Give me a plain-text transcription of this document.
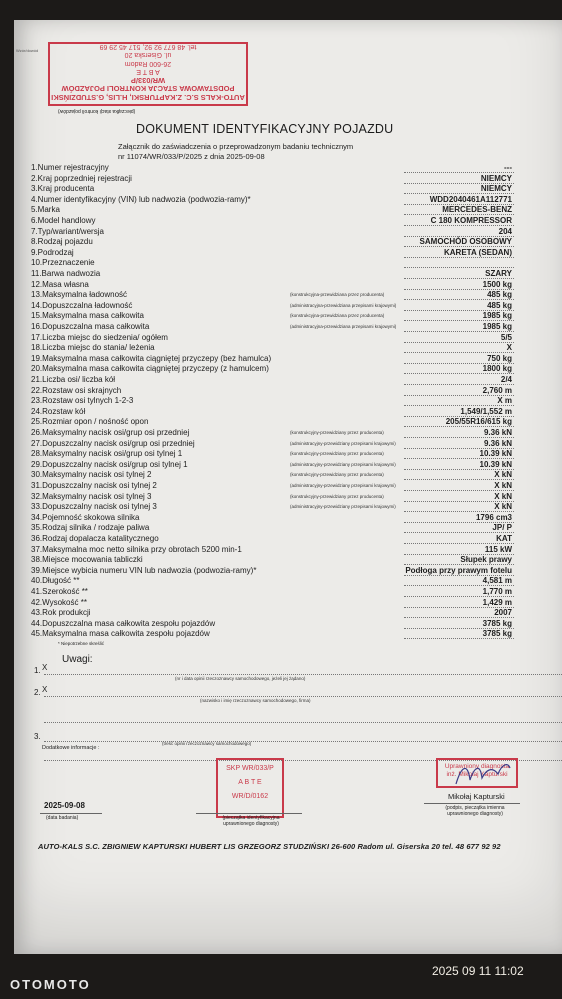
AUTO-KALS S.C. Z.KAPTURSKI, H.LIS, G.STUDZIŃSKI
PODSTAWOWA STACJA KONTROLI POJAZDÓW
WR/033/P
A B T E
26-600 Radom
ul. Giserska 20
tel. 48 677 92 92, 517 45 29 69
(pieczątka stacji kontroli pojazdów)
Wzór/dowód
DOKUMENT IDENTYFIKACYJNY POJAZDU
Załącznik do zaświadczenia o przeprowadzonym badaniu technicznym
nr 11074/WR/033/P/2025 z dnia 2025-09-08
1.Numer rejestracyjny	---
2.Kraj poprzedniej rejestracji	NIEMCY
3.Kraj producenta	NIEMCY
4.Numer identyfikacyjny (VIN) lub nadwozia (podwozia-ramy)*	WDD2040461A112771
5.Marka	MERCEDES-BENZ
6.Model handlowy	C 180 KOMPRESSOR
7.Typ/wariant/wersja	204
8.Rodzaj pojazdu	SAMOCHÓD OSOBOWY
9.Podrodzaj	KARETA (SEDAN)
10.Przeznaczenie
11.Barwa nadwozia	SZARY
12.Masa własna	1500 kg
13.Maksymalna ładowność	485 kg
(konstrukcyjna-przewidziana przez producenta)
14.Dopuszczalna ładowność	485 kg
(administracyjna-przewidziana przepisami krajowymi)
15.Maksymalna masa całkowita	1985 kg
(konstrukcyjna-przewidziana przez producenta)
16.Dopuszczalna masa całkowita	1985 kg
(administracyjna-przewidziana przepisami krajowymi)
17.Liczba miejsc do siedzenia/ ogółem	5/5
18.Liczba miejsc do stania/ leżenia	X
19.Maksymalna masa całkowita ciągniętej przyczepy (bez hamulca)	750 kg
20.Maksymalna masa całkowita ciągniętej przyczepy (z hamulcem)	1800 kg
21.Liczba osi/ liczba kół	2/4
22.Rozstaw osi skrajnych	2,760 m
23.Rozstaw osi tylnych 1-2-3	X m
24.Rozstaw kół	1,549/1,552 m
25.Rozmiar opon / nośność opon	205/55R16/615 kg
26.Maksymalny nacisk osi/grup osi przedniej	9.36 kN
(konstrukcyjny-przewidziany przez producenta)
27.Dopuszczalny nacisk osi/grup osi przedniej	9.36 kN
(administracyjny-przewidziany przepisami krajowymi)
28.Maksymalny nacisk osi/grup osi tylnej 1	10.39 kN
(konstrukcyjny-przewidziany przez producenta)
29.Dopuszczalny nacisk osi/grup osi tylnej 1	10.39 kN
(administracyjny-przewidziany przepisami krajowymi)
30.Maksymalny nacisk osi tylnej 2	X kN
(konstrukcyjny-przewidziany przez producenta)
31.Dopuszczalny nacisk osi tylnej 2	X kN
(administracyjny-przewidziany przepisami krajowymi)
32.Maksymalny nacisk osi tylnej 3	X kN
(konstrukcyjny-przewidziany przez producenta)
33.Dopuszczalny nacisk osi tylnej 3	X kN
(administracyjny-przewidziany przepisami krajowymi)
34.Pojemność skokowa silnika	1796 cm3
35.Rodzaj silnika / rodzaje paliwa	JP/ P
36.Rodzaj dopalacza katalitycznego	KAT
37.Maksymalna moc netto silnika przy obrotach 5200 min-1	115 kW
38.Miejsce mocowania tabliczki	Słupek prawy
39.Miejsce wybicia numeru VIN lub nadwozia (podwozia-ramy)*	Podłoga przy prawym fotelu
40.Długość **	4,581 m
41.Szerokość **	1,770 m
42.Wysokość **	1,429 m
43.Rok produkcji	2007
44.Dopuszczalna masa całkowita zespołu pojazdów	3785 kg
45.Maksymalna masa całkowita zespołu pojazdów	3785 kg
* Niepotrzebne skreślić
Uwagi:
1. X
(nr i data opinii rzeczoznawcy samochodowego, jeżeli jej żądano)
2. X
(nazwisko i imię rzeczoznawcy samochodowego, firma)
3.
(treść opinii rzeczoznawcy samochodowego)
Dodatkowe informacje :
2025-09-08
(data badania)
SKP WR/033/P
A B T E
WR/D/0162
(pieczątka identyfikacyjna uprawnionego diagnosty)
Uprawniony diagnosta
inż. Mikołaj Kapturski
Mikołaj Kapturski
(podpis, pieczątka imienna uprawnionego diagnosty)
AUTO-KALS S.C. ZBIGNIEW KAPTURSKI HUBERT LIS GRZEGORZ STUDZIŃSKI 26-600 Radom ul. Giserska 20 tel. 48 677 92 92
OTOMOTO
2025 09 11 11:02
